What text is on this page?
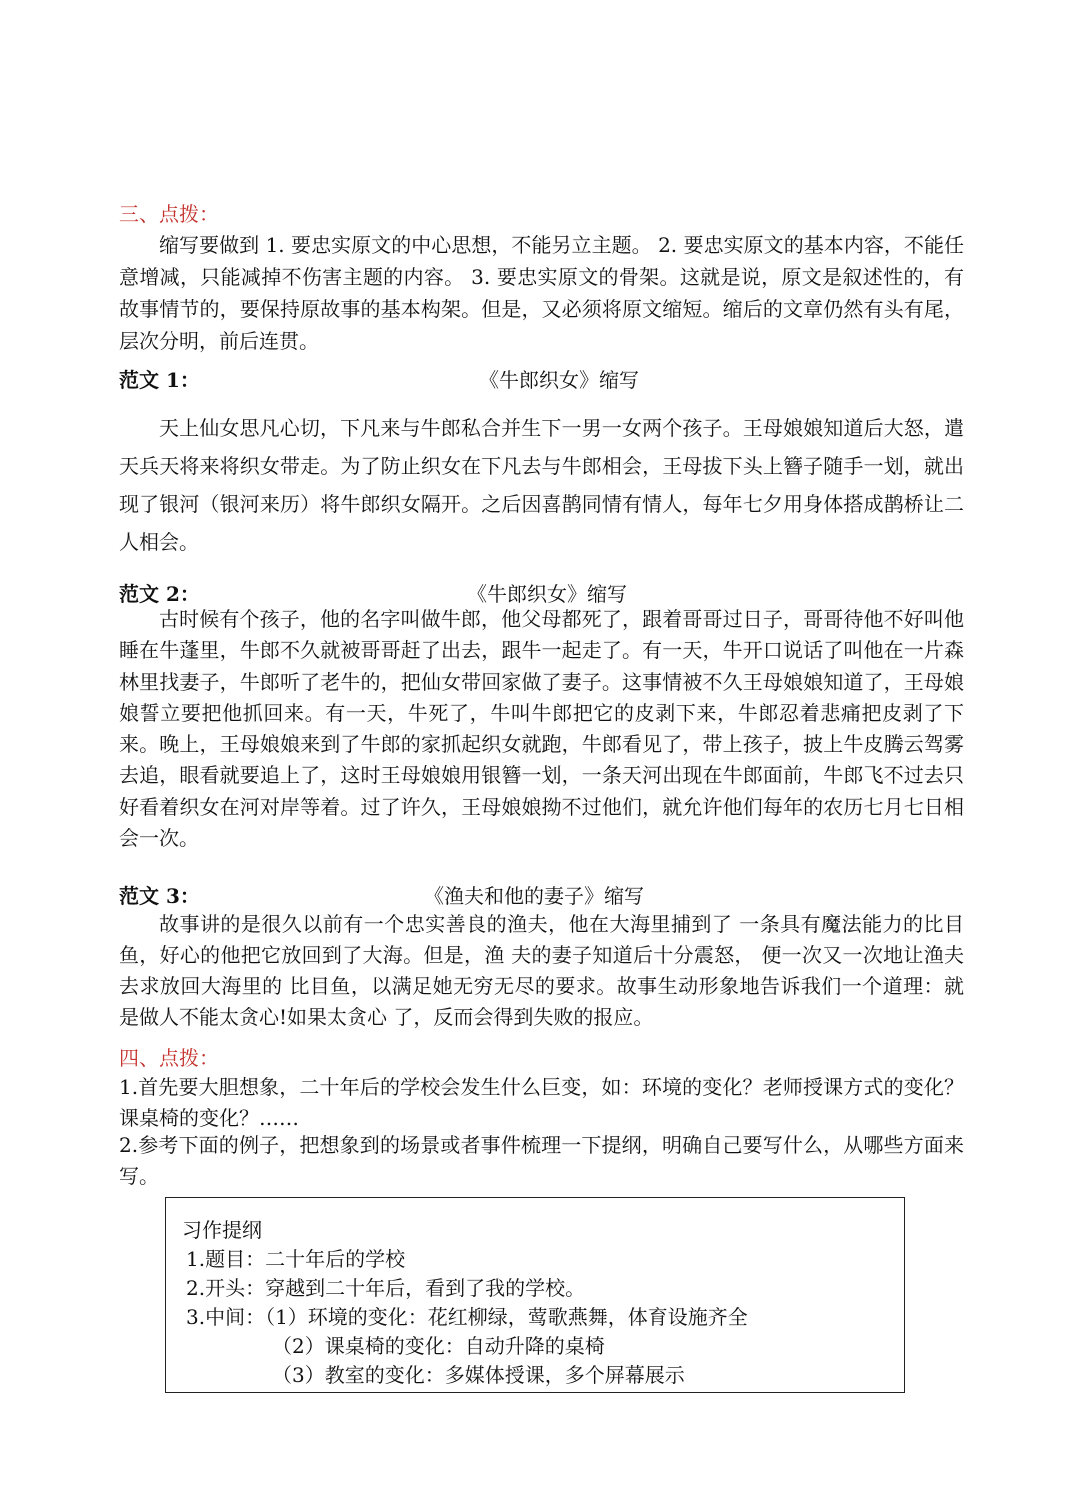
三、点拨：

缩写要做到 1. 要忠实原文的中心思想，不能另立主题。 2. 要忠实原文的基本内容，不能任意增减，只能减掉不伤害主题的内容。 3. 要忠实原文的骨架。这就是说，原文是叙述性的，有故事情节的，要保持原故事的基本构架。但是，又必须将原文缩短。缩后的文章仍然有头有尾，层次分明，前后连贯。

范文 1：	《牛郎织女》缩写

天上仙女思凡心切，下凡来与牛郎私合并生下一男一女两个孩子。王母娘娘知道后大怒，遣天兵天将来将织女带走。为了防止织女在下凡去与牛郎相会，王母拔下头上簪子随手一划，就出现了银河（银河来历）将牛郎织女隔开。之后因喜鹊同情有情人，每年七夕用身体搭成鹊桥让二人相会。

范文 2：	《牛郎织女》缩写

古时候有个孩子，他的名字叫做牛郎，他父母都死了，跟着哥哥过日子，哥哥待他不好叫他睡在牛蓬里，牛郎不久就被哥哥赶了出去，跟牛一起走了。有一天，牛开口说话了叫他在一片森林里找妻子，牛郎听了老牛的，把仙女带回家做了妻子。这事情被不久王母娘娘知道了，王母娘娘誓立要把他抓回来。有一天，牛死了，牛叫牛郎把它的皮剥下来，牛郎忍着悲痛把皮剥了下来。晚上，王母娘娘来到了牛郎的家抓起织女就跑，牛郎看见了，带上孩子，披上牛皮腾云驾雾去追，眼看就要追上了，这时王母娘娘用银簪一划，一条天河出现在牛郎面前，牛郎飞不过去只好看着织女在河对岸等着。过了许久，王母娘娘拗不过他们，就允许他们每年的农历七月七日相会一次。

范文 3：	《渔夫和他的妻子》缩写

故事讲的是很久以前有一个忠实善良的渔夫，他在大海里捕到了 一条具有魔法能力的比目鱼，好心的他把它放回到了大海。但是，渔 夫的妻子知道后十分震怒， 便一次又一次地让渔夫去求放回大海里的 比目鱼，以满足她无穷无尽的要求。故事生动形象地告诉我们一个道理：就是做人不能太贪心!如果太贪心 了，反而会得到失败的报应。

四、点拨：

1.首先要大胆想象，二十年后的学校会发生什么巨变，如：环境的变化？老师授课方式的变化？课桌椅的变化？……

2.参考下面的例子，把想象到的场景或者事件梳理一下提纲，明确自己要写什么，从哪些方面来写。

习作提纲
1.题目：二十年后的学校
2.开头：穿越到二十年后，看到了我的学校。
3.中间：（1）环境的变化：花红柳绿，莺歌燕舞，体育设施齐全
（2）课桌椅的变化：自动升降的桌椅
（3）教室的变化：多媒体授课，多个屏幕展示
